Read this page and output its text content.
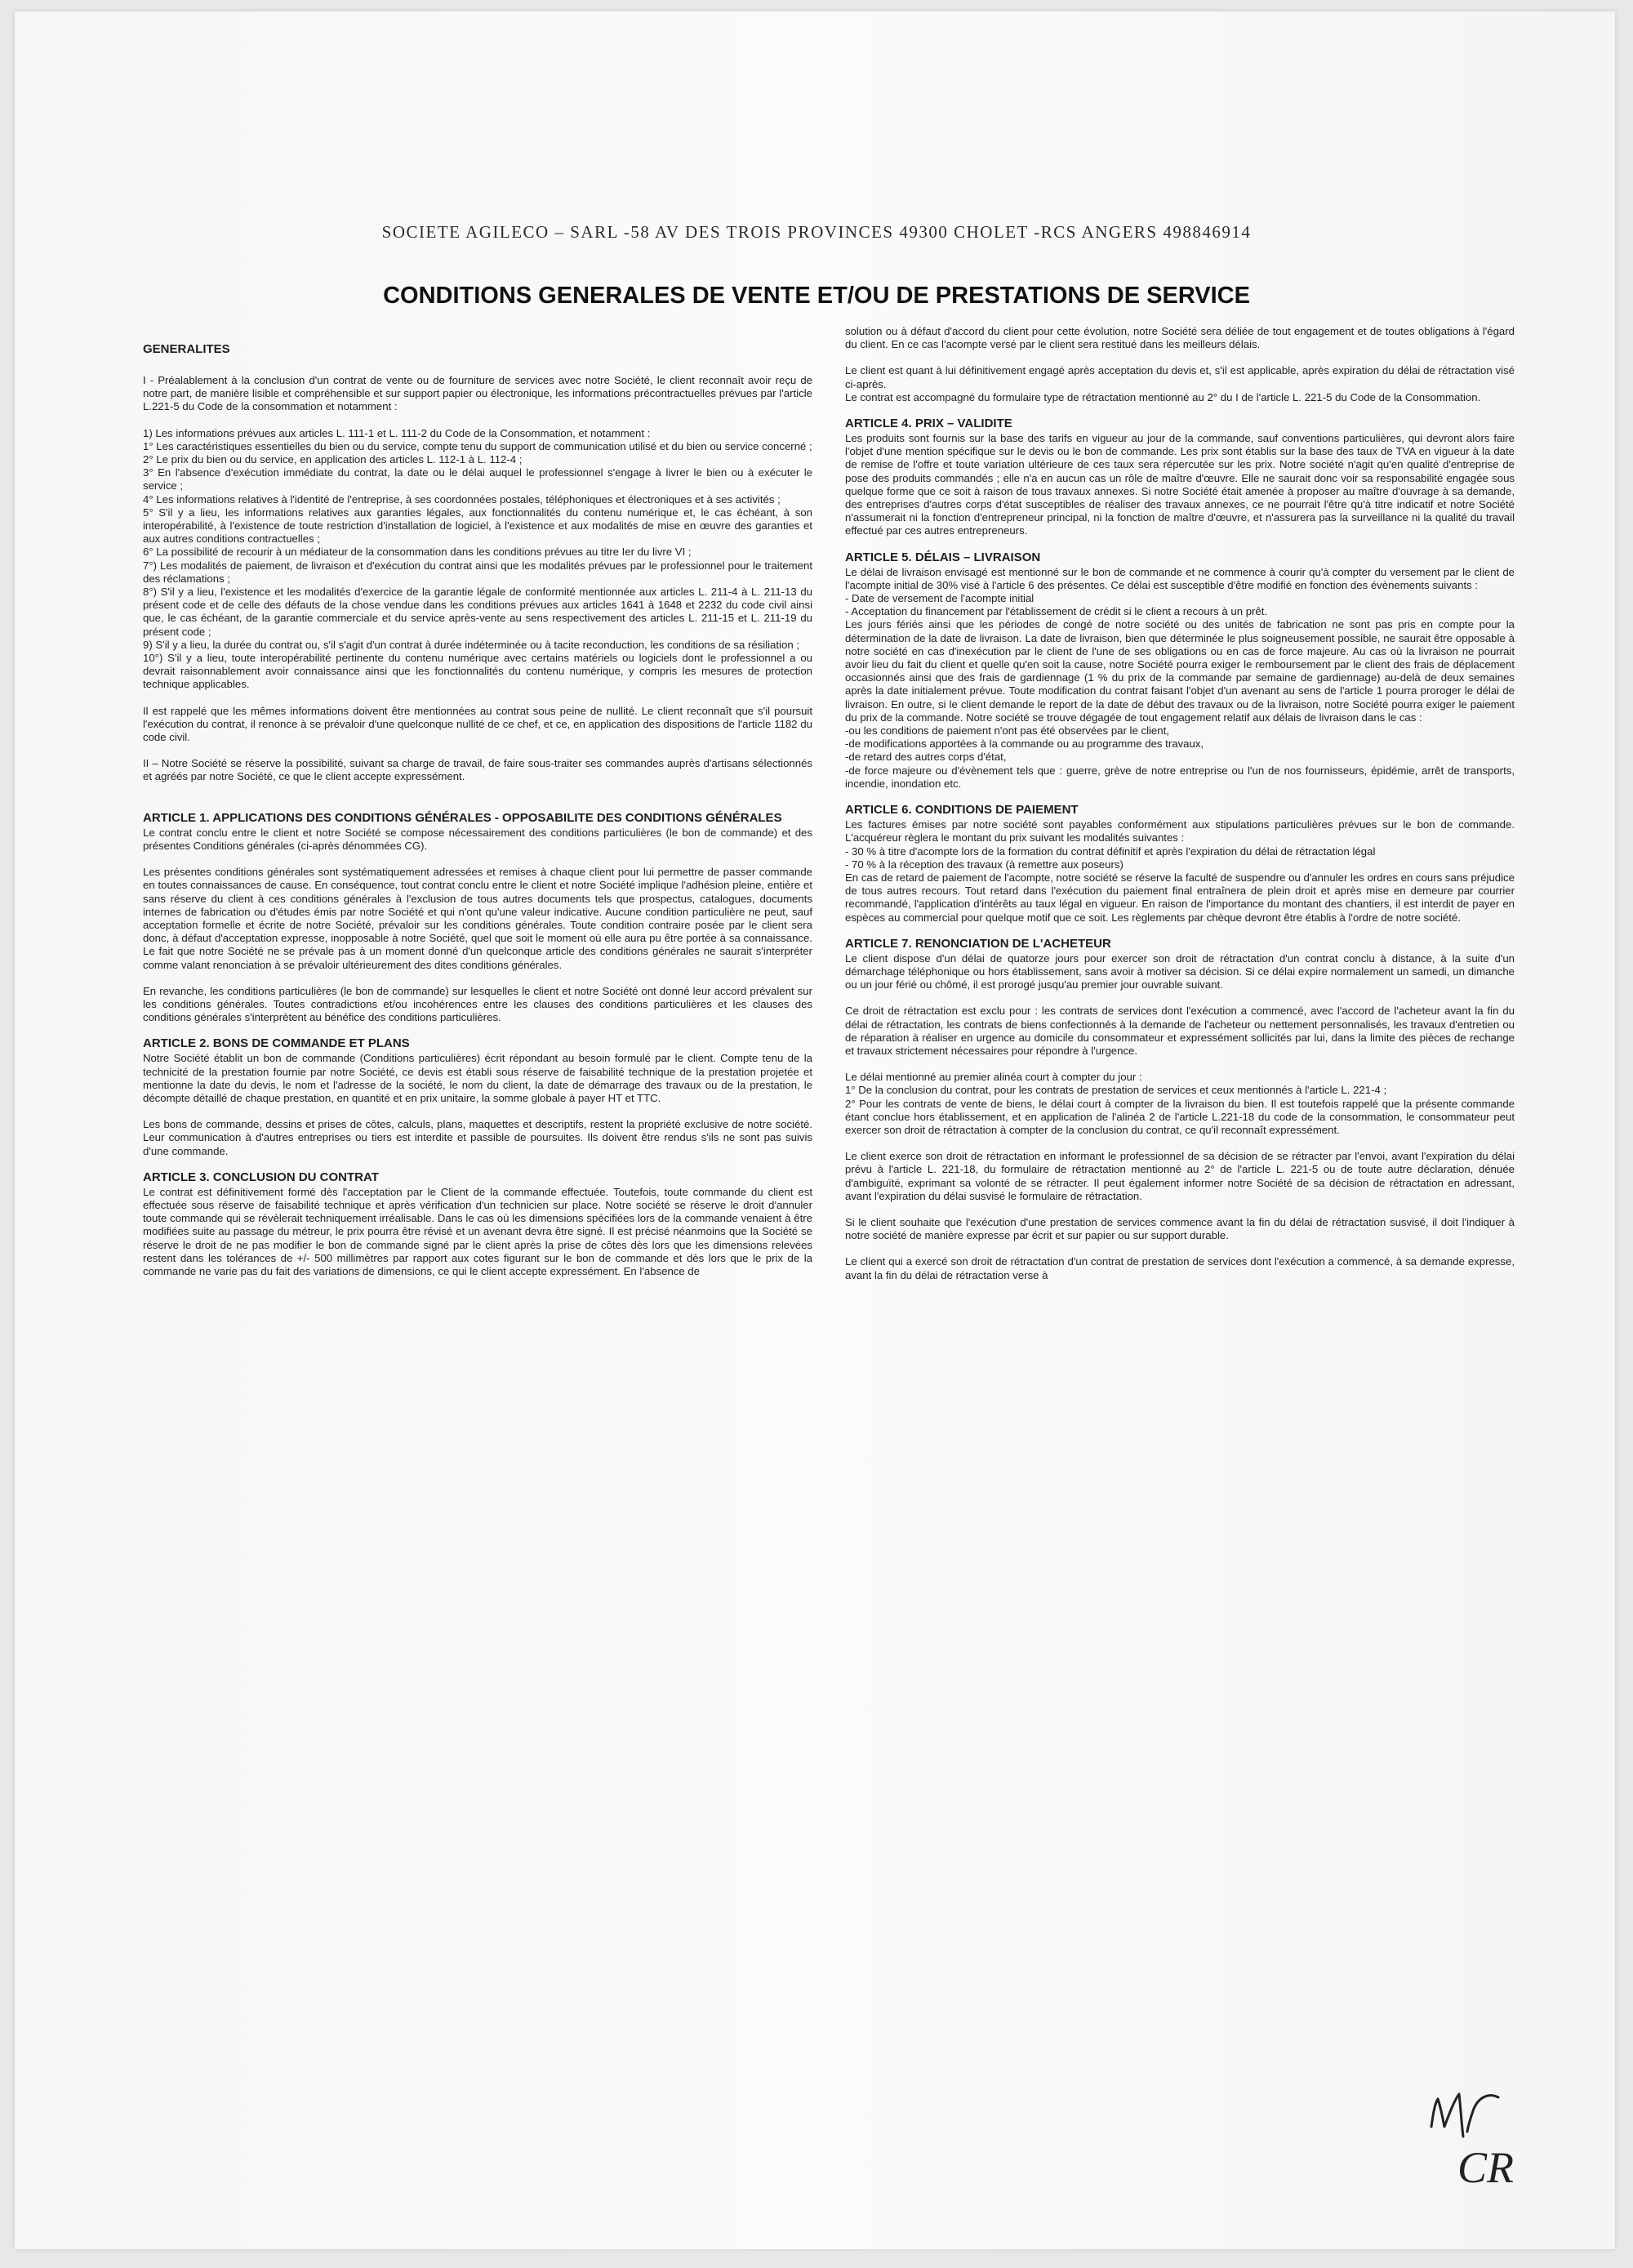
SOCIETE AGILECO – SARL -58 AV DES TROIS PROVINCES 49300 CHOLET -RCS ANGERS 498846914
CONDITIONS GENERALES DE VENTE ET/OU DE PRESTATIONS DE SERVICE
GENERALITES

I - Préalablement à la conclusion d'un contrat de vente ou de fourniture de services avec notre Société, le client reconnaît avoir reçu de notre part, de manière lisible et compréhensible et sur support papier ou électronique, les informations précontractuelles prévues par l'article L.221-5 du Code de la consommation et notamment :

1) Les informations prévues aux articles L. 111-1 et L. 111-2 du Code de la Consommation, et notamment :

1° Les caractéristiques essentielles du bien ou du service, compte tenu du support de communication utilisé et du bien ou service concerné ;

2° Le prix du bien ou du service, en application des articles L. 112-1 à L. 112-4 ;

3° En l'absence d'exécution immédiate du contrat, la date ou le délai auquel le professionnel s'engage à livrer le bien ou à exécuter le service ;

4° Les informations relatives à l'identité de l'entreprise, à ses coordonnées postales, téléphoniques et électroniques et à ses activités ;

5° S'il y a lieu, les informations relatives aux garanties légales, aux fonctionnalités du contenu numérique et, le cas échéant, à son interopérabilité, à l'existence de toute restriction d'installation de logiciel, à l'existence et aux modalités de mise en œuvre des garanties et aux autres conditions contractuelles ;

6° La possibilité de recourir à un médiateur de la consommation dans les conditions prévues au titre Ier du livre VI ;

7°) Les modalités de paiement, de livraison et d'exécution du contrat ainsi que les modalités prévues par le professionnel pour le traitement des réclamations ;

8°) S'il y a lieu, l'existence et les modalités d'exercice de la garantie légale de conformité mentionnée aux articles L. 211-4 à L. 211-13 du présent code et de celle des défauts de la chose vendue dans les conditions prévues aux articles 1641 à 1648 et 2232 du code civil ainsi que, le cas échéant, de la garantie commerciale et du service après-vente au sens respectivement des articles L. 211-15 et L. 211-19 du présent code ;

9) S'il y a lieu, la durée du contrat ou, s'il s'agit d'un contrat à durée indéterminée ou à tacite reconduction, les conditions de sa résiliation ;

10°) S'il y a lieu, toute interopérabilité pertinente du contenu numérique avec certains matériels ou logiciels dont le professionnel a ou devrait raisonnablement avoir connaissance ainsi que les fonctionnalités du contenu numérique, y compris les mesures de protection technique applicables.

Il est rappelé que les mêmes informations doivent être mentionnées au contrat sous peine de nullité. Le client reconnaît que s'il poursuit l'exécution du contrat, il renonce à se prévaloir d'une quelconque nullité de ce chef, et ce, en application des dispositions de l'article 1182 du code civil.

II – Notre Société se réserve la possibilité, suivant sa charge de travail, de faire sous-traiter ses commandes auprès d'artisans sélectionnés et agréés par notre Société, ce que le client accepte expressément.

ARTICLE 1. APPLICATIONS DES CONDITIONS GÉNÉRALES - OPPOSABILITE DES CONDITIONS GÉNÉRALES

Le contrat conclu entre le client et notre Société se compose nécessairement des conditions particulières (le bon de commande) et des présentes Conditions générales (ci-après dénommées CG).

Les présentes conditions générales sont systématiquement adressées et remises à chaque client pour lui permettre de passer commande en toutes connaissances de cause. En conséquence, tout contrat conclu entre le client et notre Société implique l'adhésion pleine, entière et sans réserve du client à ces conditions générales à l'exclusion de tous autres documents tels que prospectus, catalogues, documents internes de fabrication ou d'études émis par notre Société et qui n'ont qu'une valeur indicative. Aucune condition particulière ne peut, sauf acceptation formelle et écrite de notre Société, prévaloir sur les conditions générales. Toute condition contraire posée par le client sera donc, à défaut d'acceptation expresse, inopposable à notre Société, quel que soit le moment où elle aura pu être portée à sa connaissance. Le fait que notre Société ne se prévale pas à un moment donné d'un quelconque article des conditions générales ne saurait s'interpréter comme valant renonciation à se prévaloir ultérieurement des dites conditions générales.

En revanche, les conditions particulières (le bon de commande) sur lesquelles le client et notre Société ont donné leur accord prévalent sur les conditions générales. Toutes contradictions et/ou incohérences entre les clauses des conditions particulières et les clauses des conditions générales s'interprètent au bénéfice des conditions particulières.

ARTICLE 2. BONS DE COMMANDE ET PLANS

Notre Société établit un bon de commande (Conditions particulières) écrit répondant au besoin formulé par le client. Compte tenu de la technicité de la prestation fournie par notre Société, ce devis est établi sous réserve de faisabilité technique de la prestation projetée et mentionne la date du devis, le nom et l'adresse de la société, le nom du client, la date de démarrage des travaux ou de la prestation, le décompte détaillé de chaque prestation, en quantité et en prix unitaire, la somme globale à payer HT et TTC.

Les bons de commande, dessins et prises de côtes, calculs, plans, maquettes et descriptifs, restent la propriété exclusive de notre société. Leur communication à d'autres entreprises ou tiers est interdite et passible de poursuites. Ils doivent être rendus s'ils ne sont pas suivis d'une commande.

ARTICLE 3. CONCLUSION DU CONTRAT

Le contrat est définitivement formé dès l'acceptation par le Client de la commande effectuée. Toutefois, toute commande du client est effectuée sous réserve de faisabilité technique et après vérification d'un technicien sur place. Notre société se réserve le droit d'annuler toute commande qui se révèlerait techniquement irréalisable. Dans le cas où les dimensions spécifiées lors de la commande venaient à être modifiées suite au passage du métreur, le prix pourra être révisé et un avenant devra être signé. Il est précisé néanmoins que la Société se réserve le droit de ne pas modifier le bon de commande signé par le client après la prise de côtes dès lors que les dimensions relevées restent dans les tolérances de +/- 500 millimètres par rapport aux cotes figurant sur le bon de commande et dès lors que le prix de la commande ne varie pas du fait des variations de dimensions, ce qui le client accepte expressément. En l'absence de

solution ou à défaut d'accord du client pour cette évolution, notre Société sera déliée de tout engagement et de toutes obligations à l'égard du client. En ce cas l'acompte versé par le client sera restitué dans les meilleurs délais.

Le client est quant à lui définitivement engagé après acceptation du devis et, s'il est applicable, après expiration du délai de rétractation visé ci-après.

Le contrat est accompagné du formulaire type de rétractation mentionné au 2° du I de l'article L. 221-5 du Code de la Consommation.

ARTICLE 4. PRIX – VALIDITE

Les produits sont fournis sur la base des tarifs en vigueur au jour de la commande, sauf conventions particulières, qui devront alors faire l'objet d'une mention spécifique sur le devis ou le bon de commande. Les prix sont établis sur la base des taux de TVA en vigueur à la date de remise de l'offre et toute variation ultérieure de ces taux sera répercutée sur les prix. Notre société n'agit qu'en qualité d'entreprise de pose des produits commandés ; elle n'a en aucun cas un rôle de maître d'œuvre. Elle ne saurait donc voir sa responsabilité engagée sous quelque forme que ce soit à raison de tous travaux annexes. Si notre Société était amenée à proposer au maître d'ouvrage à sa demande, des entreprises d'autres corps d'état susceptibles de réaliser des travaux annexes, ce ne pourrait l'être qu'à titre indicatif et notre Société n'assumerait ni la fonction d'entrepreneur principal, ni la fonction de maître d'œuvre, et n'assurera pas la surveillance ni la qualité du travail effectué par ces autres entrepreneurs.

ARTICLE 5. DÉLAIS – LIVRAISON

Le délai de livraison envisagé est mentionné sur le bon de commande et ne commence à courir qu'à compter du versement par le client de l'acompte initial de 30% visé à l'article 6 des présentes. Ce délai est susceptible d'être modifié en fonction des évènements suivants :

- Date de versement de l'acompte initial

- Acceptation du financement par l'établissement de crédit si le client a recours à un prêt.

Les jours fériés ainsi que les périodes de congé de notre société ou des unités de fabrication ne sont pas pris en compte pour la détermination de la date de livraison. La date de livraison, bien que déterminée le plus soigneusement possible, ne saurait être opposable à notre société en cas d'inexécution par le client de l'une de ses obligations ou en cas de force majeure. Au cas où la livraison ne pourrait avoir lieu du fait du client et quelle qu'en soit la cause, notre Société pourra exiger le remboursement par le client des frais de déplacement occasionnés ainsi que des frais de gardiennage (1 % du prix de la commande par semaine de gardiennage) au-delà de deux semaines après la date initialement prévue. Toute modification du contrat faisant l'objet d'un avenant au sens de l'article 1 pourra proroger le délai de livraison. En outre, si le client demande le report de la date de début des travaux ou de la livraison, notre Société pourra exiger le paiement du prix de la commande. Notre société se trouve dégagée de tout engagement relatif aux délais de livraison dans le cas :

-ou les conditions de paiement n'ont pas été observées par le client,

-de modifications apportées à la commande ou au programme des travaux,

-de retard des autres corps d'état,

-de force majeure ou d'évènement tels que : guerre, grève de notre entreprise ou l'un de nos fournisseurs, épidémie, arrêt de transports, incendie, inondation etc.

ARTICLE 6. CONDITIONS DE PAIEMENT

Les factures émises par notre société sont payables conformément aux stipulations particulières prévues sur le bon de commande. L'acquéreur règlera le montant du prix suivant les modalités suivantes :

- 30 % à titre d'acompte lors de la formation du contrat définitif et après l'expiration du délai de rétractation légal

- 70 % à la réception des travaux (à remettre aux poseurs)

En cas de retard de paiement de l'acompte, notre société se réserve la faculté de suspendre ou d'annuler les ordres en cours sans préjudice de tous autres recours. Tout retard dans l'exécution du paiement final entraînera de plein droit et après mise en demeure par courrier recommandé, l'application d'intérêts au taux légal en vigueur. En raison de l'importance du montant des chantiers, il est interdit de payer en espèces au commercial pour quelque motif que ce soit. Les règlements par chèque devront être établis à l'ordre de notre société.

ARTICLE 7. RENONCIATION DE L'ACHETEUR

Le client dispose d'un délai de quatorze jours pour exercer son droit de rétractation d'un contrat conclu à distance, à la suite d'un démarchage téléphonique ou hors établissement, sans avoir à motiver sa décision. Si ce délai expire normalement un samedi, un dimanche ou un jour férié ou chômé, il est prorogé jusqu'au premier jour ouvrable suivant.

Ce droit de rétractation est exclu pour : les contrats de services dont l'exécution a commencé, avec l'accord de l'acheteur avant la fin du délai de rétractation, les contrats de biens confectionnés à la demande de l'acheteur ou nettement personnalisés, les travaux d'entretien ou de réparation à réaliser en urgence au domicile du consommateur et expressément sollicités par lui, dans la limite des pièces de rechange et travaux strictement nécessaires pour répondre à l'urgence.

Le délai mentionné au premier alinéa court à compter du jour :

1° De la conclusion du contrat, pour les contrats de prestation de services et ceux mentionnés à l'article L. 221-4 ;

2° Pour les contrats de vente de biens, le délai court à compter de la livraison du bien. Il est toutefois rappelé que la présente commande étant conclue hors établissement, et en application de l'alinéa 2 de l'article L.221-18 du code de la consommation, le consommateur peut exercer son droit de rétractation à compter de la conclusion du contrat, ce qu'il reconnaît expressément.

Le client exerce son droit de rétractation en informant le professionnel de sa décision de se rétracter par l'envoi, avant l'expiration du délai prévu à l'article L. 221-18, du formulaire de rétractation mentionné au 2° de l'article L. 221-5 ou de toute autre déclaration, dénuée d'ambiguïté, exprimant sa volonté de se rétracter. Il peut également informer notre Société de sa décision de rétractation en adressant, avant l'expiration du délai susvisé le formulaire de rétractation.

Si le client souhaite que l'exécution d'une prestation de services commence avant la fin du délai de rétractation susvisé, il doit l'indiquer à notre société de manière expresse par écrit et sur papier ou sur support durable.

Le client qui a exercé son droit de rétractation d'un contrat de prestation de services dont l'exécution a commencé, à sa demande expresse, avant la fin du délai de rétractation verse à

CR
